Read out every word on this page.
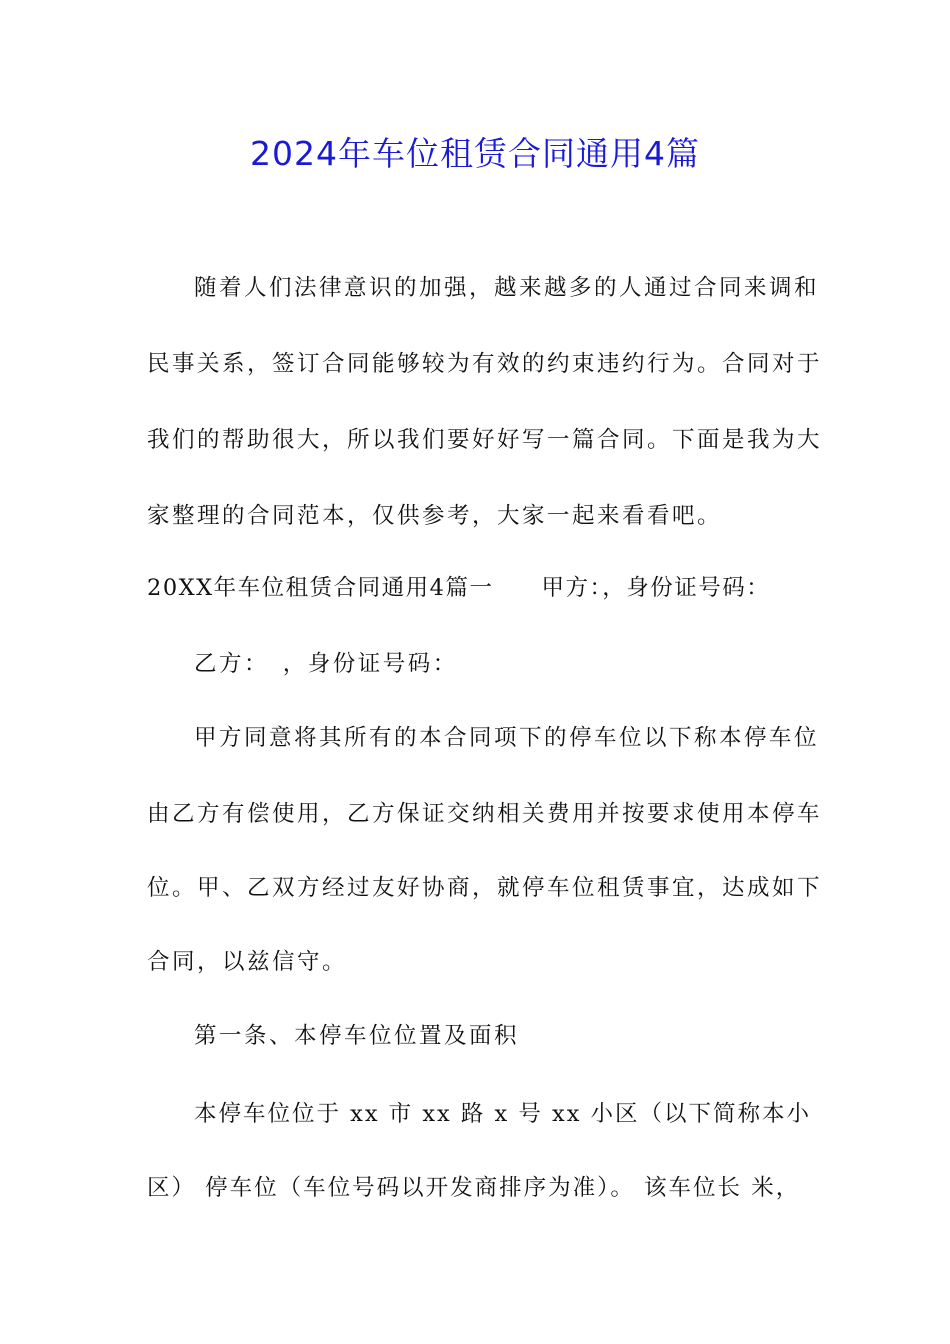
2024年车位租赁合同通用4篇
随着人们法律意识的加强，越来越多的人通过合同来调和
民事关系，签订合同能够较为有效的约束违约行为。合同对于
我们的帮助很大，所以我们要好好写一篇合同。下面是我为大
家整理的合同范本，仅供参考，大家一起来看看吧。
20XX年车位租赁合同通用4篇一　　甲方：，身份证号码：
乙方：　，身份证号码：
甲方同意将其所有的本合同项下的停车位以下称本停车位
由乙方有偿使用，乙方保证交纳相关费用并按要求使用本停车
位。甲、乙双方经过友好协商，就停车位租赁事宜，达成如下
合同，以兹信守。
第一条、本停车位位置及面积
本停车位位于 xx 市 xx 路 x 号 xx 小区（以下简称本小
区） 停车位（车位号码以开发商排序为准）。 该车位长 米，
